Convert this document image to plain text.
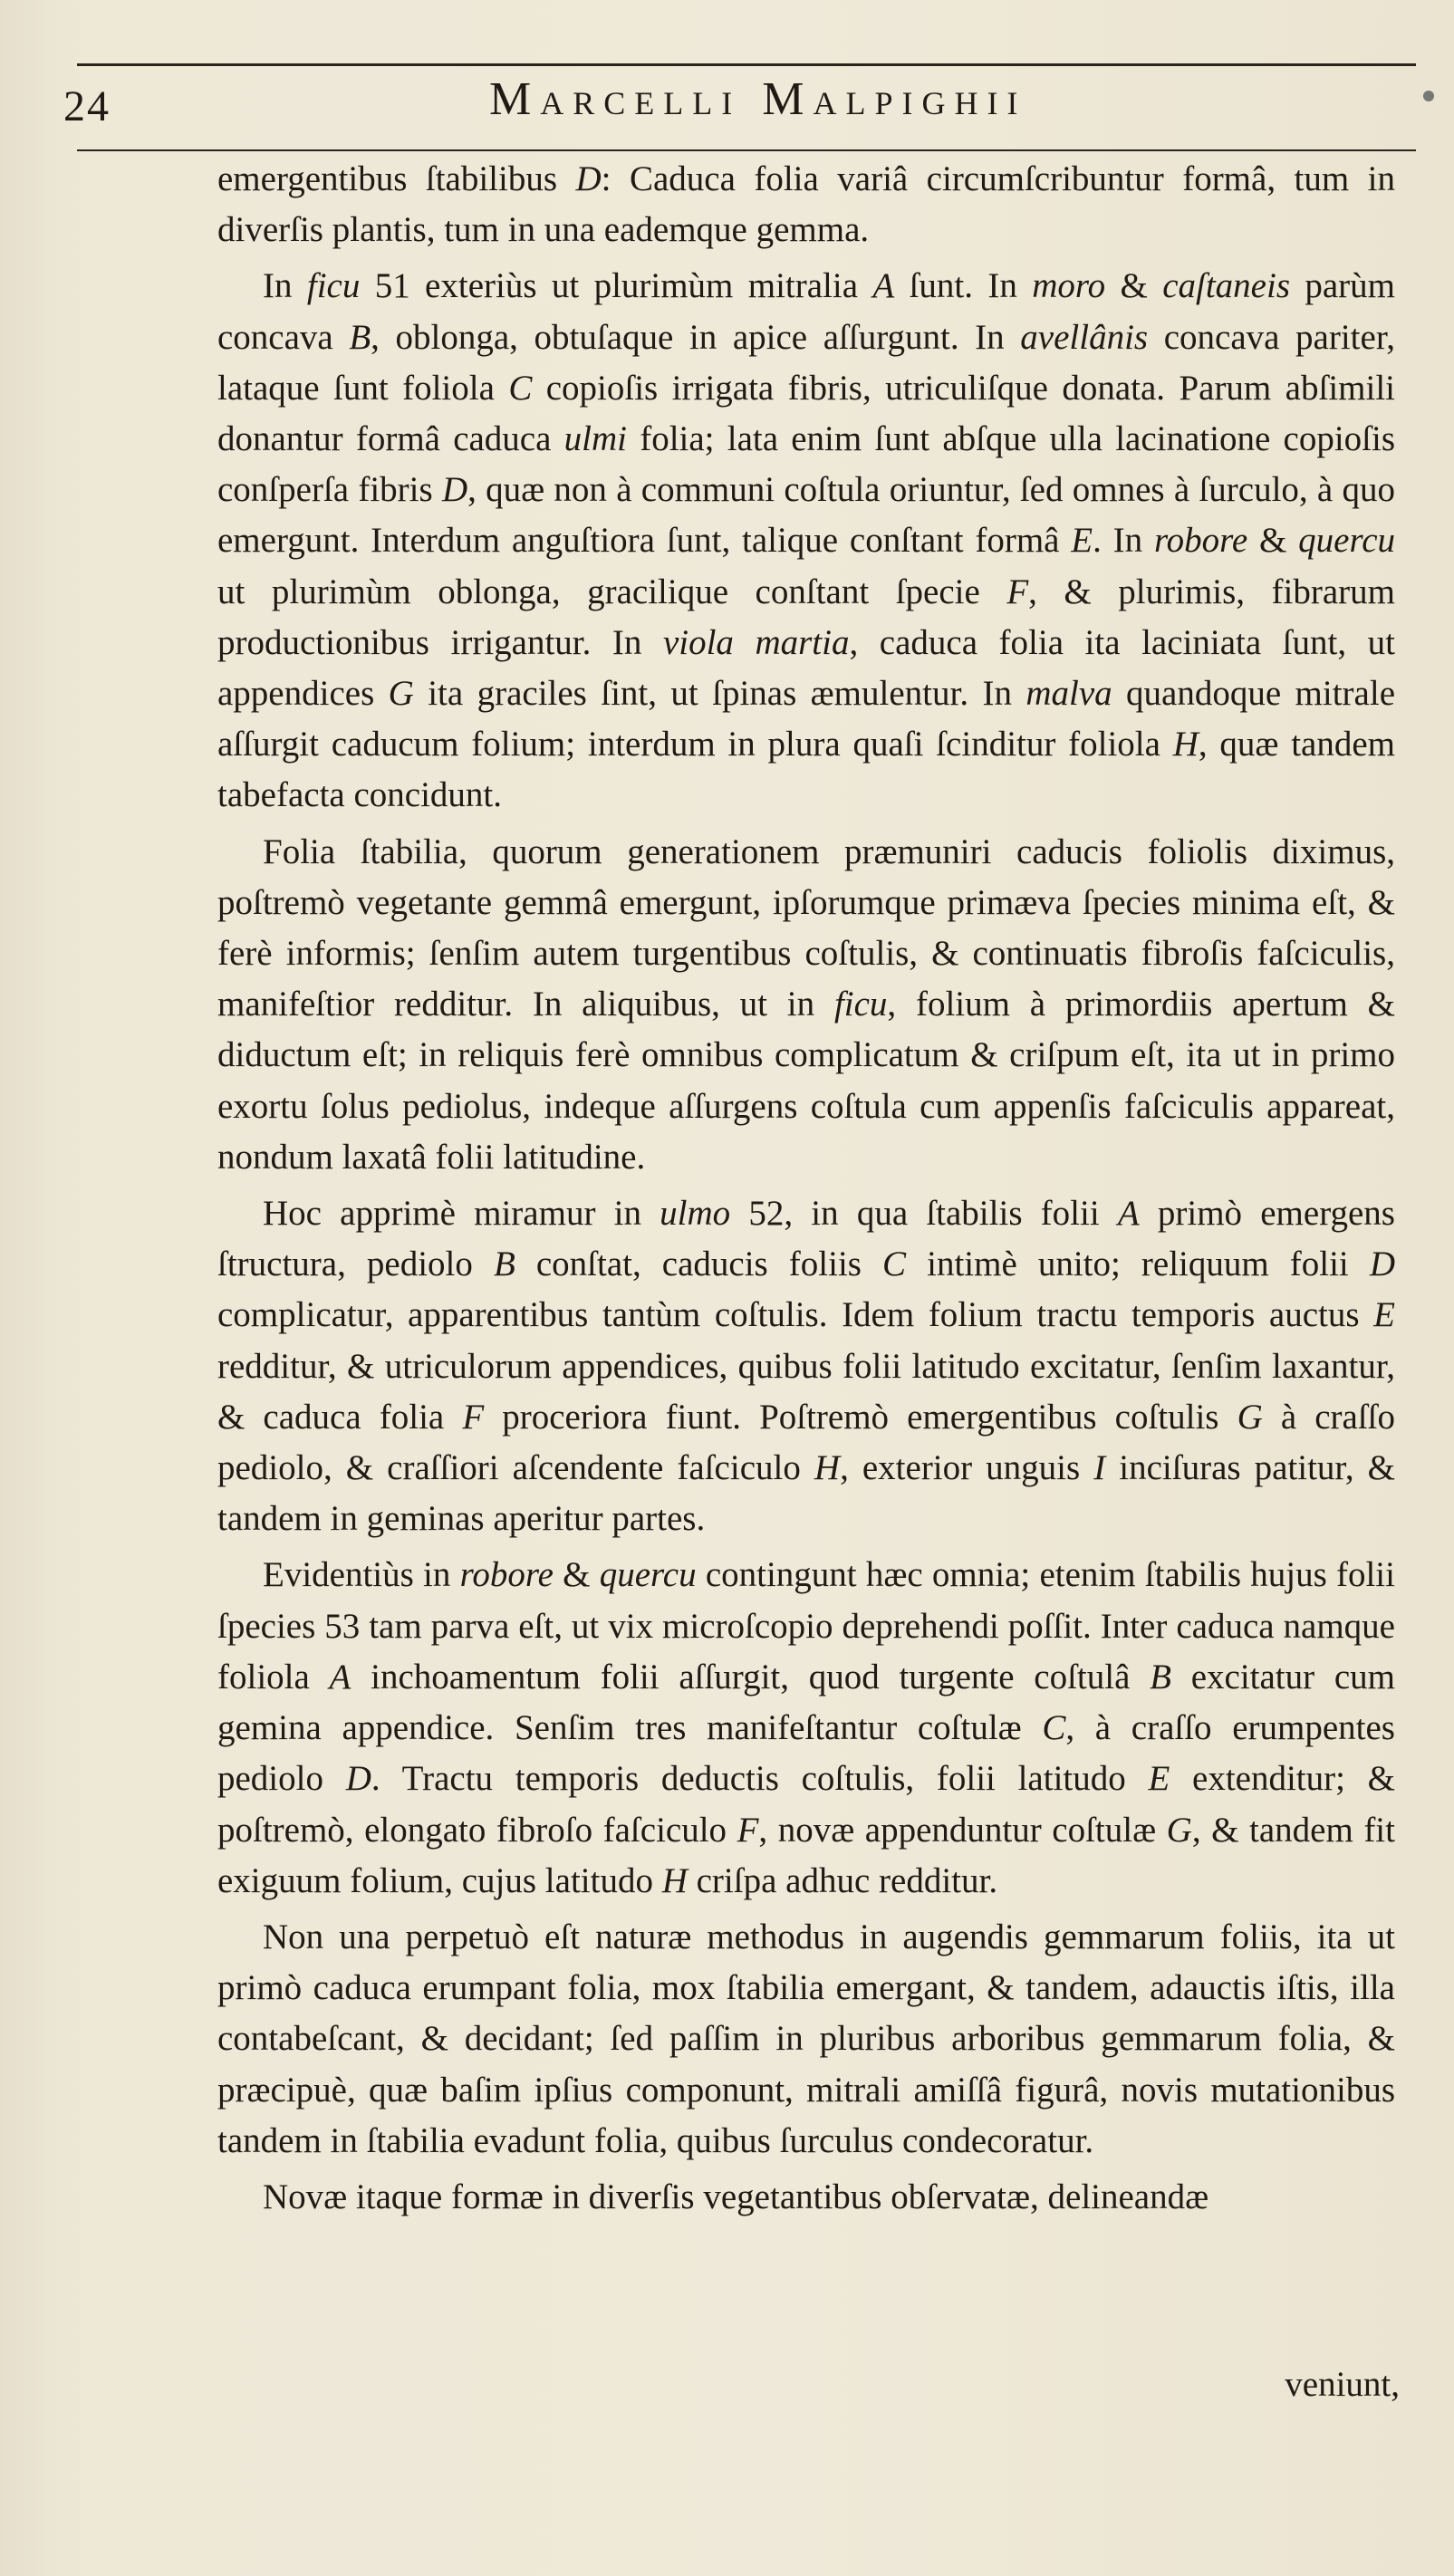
24	Marcelli Malpighii

emergentibus ſtabilibus D: Caduca folia variâ circumſcribuntur formâ, tum in diverſis plantis, tum in una eademque gemma.

In ficu 51 exteriùs ut plurimùm mitralia A ſunt. In moro & caſtaneis parùm concava B, oblonga, obtuſaque in apice aſſurgunt. In avellânis concava pariter, lataque ſunt foliola C copioſis irrigata fibris, utriculiſque donata. Parum abſimili donantur formâ caduca ulmi folia; lata enim ſunt abſque ulla lacinatione copioſis conſperſa fibris D, quæ non à communi coſtula oriuntur, ſed omnes à ſurculo, à quo emergunt. Interdum anguſtiora ſunt, talique conſtant formâ E. In robore & quercu ut plurimùm oblonga, gracilique conſtant ſpecie F, & plurimis, fibrarum productionibus irrigantur. In viola martia, caduca folia ita laciniata ſunt, ut appendices G ita graciles ſint, ut ſpinas æmulentur. In malva quandoque mitrale aſſurgit caducum folium; interdum in plura quaſi ſcinditur foliola H, quæ tandem tabefacta concidunt.

Folia ſtabilia, quorum generationem præmuniri caducis foliolis diximus, poſtremò vegetante gemmâ emergunt, ipſorumque primæva ſpecies minima eſt, & ferè informis; ſenſim autem turgentibus coſtulis, & continuatis fibroſis faſciculis, manifeſtior redditur. In aliquibus, ut in ficu, folium à primordiis apertum & diductum eſt; in reliquis ferè omnibus complicatum & criſpum eſt, ita ut in primo exortu ſolus pediolus, indeque aſſurgens coſtula cum appenſis faſciculis appareat, nondum laxatâ folii latitudine.

Hoc apprimè miramur in ulmo 52, in qua ſtabilis folii A primò emergens ſtructura, pediolo B conſtat, caducis foliis C intimè unito; reliquum folii D complicatur, apparentibus tantùm coſtulis. Idem folium tractu temporis auctus E redditur, & utriculorum appendices, quibus folii latitudo excitatur, ſenſim laxantur, & caduca folia F proceriora fiunt. Poſtremò emergentibus coſtulis G à craſſo pediolo, & craſſiori aſcendente faſciculo H, exterior unguis I inciſuras patitur, & tandem in geminas aperitur partes.

Evidentiùs in robore & quercu contingunt hæc omnia; etenim ſtabilis hujus folii ſpecies 53 tam parva eſt, ut vix microſcopio deprehendi poſſit. Inter caduca namque foliola A inchoamentum folii aſſurgit, quod turgente coſtulâ B excitatur cum gemina appendice. Senſim tres manifeſtantur coſtulæ C, à craſſo erumpentes pediolo D. Tractu temporis deductis coſtulis, folii latitudo E extenditur; & poſtremò, elongato fibroſo faſciculo F, novæ appenduntur coſtulæ G, & tandem fit exiguum folium, cujus latitudo H criſpa adhuc redditur.

Non una perpetuò eſt naturæ methodus in augendis gemmarum foliis, ita ut primò caduca erumpant folia, mox ſtabilia emergant, & tandem, adauctis iſtis, illa contabeſcant, & decidant; ſed paſſim in pluribus arboribus gemmarum folia, & præcipuè, quæ baſim ipſius componunt, mitrali amiſſâ figurâ, novis mutationibus tandem in ſtabilia evadunt folia, quibus ſurculus condecoratur.

Novæ itaque formæ in diverſis vegetantibus obſervatæ, delineandæ

veniunt,
